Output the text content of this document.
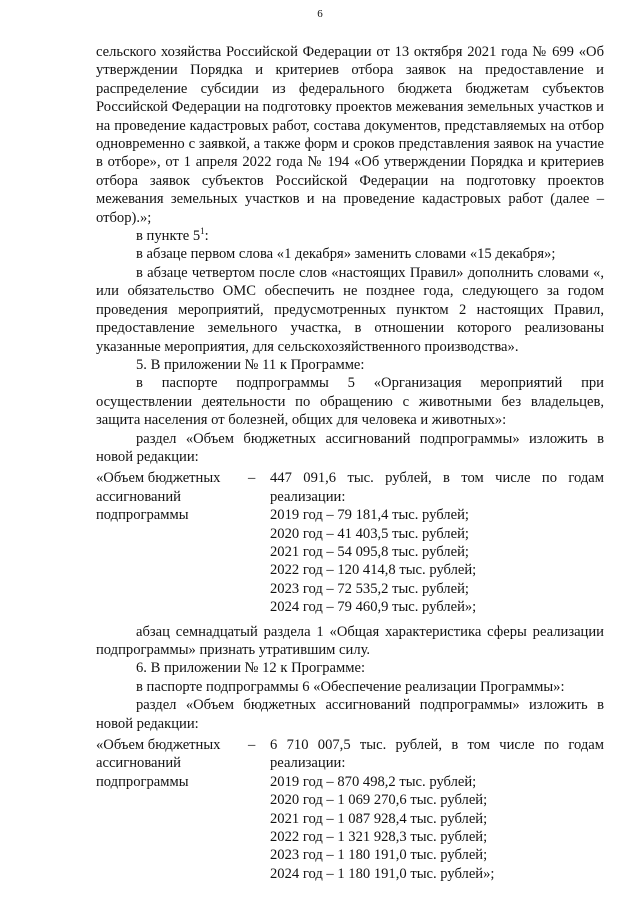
6

сельского хозяйства Российской Федерации от 13 октября 2021 года № 699 «Об утверждении Порядка и критериев отбора заявок на предоставление и распределение субсидии из федерального бюджета бюджетам субъектов Российской Федерации на подготовку проектов межевания земельных участков и на проведение кадастровых работ, состава документов, представляемых на отбор одновременно с заявкой, а также форм и сроков представления заявок на участие в отборе», от 1 апреля 2022 года № 194 «Об утверждении Порядка и критериев отбора заявок субъектов Российской Федерации на подготовку проектов межевания земельных участков и на проведение кадастровых работ (далее – отбор).»;

в пункте $5^1$:

в абзаце первом слова «1 декабря» заменить словами «15 декабря»;

в абзаце четвертом после слов «настоящих Правил» дополнить словами «, или обязательство ОМС обеспечить не позднее года, следующего за годом проведения мероприятий, предусмотренных пунктом 2 настоящих Правил, предоставление земельного участка, в отношении которого реализованы указанные мероприятия, для сельскохозяйственного производства».

5. В приложении № 11 к Программе:

в паспорте подпрограммы 5 «Организация мероприятий при осуществлении деятельности по обращению с животными без владельцев, защита населения от болезней, общих для человека и животных»:

раздел «Объем бюджетных ассигнований подпрограммы» изложить в новой редакции:

«Объем бюджетных ассигнований подпрограммы
–	447 091,6 тыс. рублей, в том числе по годам реализации:
2019 год – 79 181,4 тыс. рублей;
2020 год – 41 403,5 тыс. рублей;
2021 год – 54 095,8 тыс. рублей;
2022 год – 120 414,8 тыс. рублей;
2023 год – 72 535,2 тыс. рублей;
2024 год – 79 460,9 тыс. рублей»;

абзац семнадцатый раздела 1 «Общая характеристика сферы реализации подпрограммы» признать утратившим силу.

6. В приложении № 12 к Программе:

в паспорте подпрограммы 6 «Обеспечение реализации Программы»:

раздел «Объем бюджетных ассигнований подпрограммы» изложить в новой редакции:

«Объем бюджетных ассигнований подпрограммы
–	6 710 007,5 тыс. рублей, в том числе по годам реализации:
2019 год – 870 498,2 тыс. рублей;
2020 год – 1 069 270,6 тыс. рублей;
2021 год – 1 087 928,4 тыс. рублей;
2022 год – 1 321 928,3 тыс. рублей;
2023 год – 1 180 191,0 тыс. рублей;
2024 год – 1 180 191,0 тыс. рублей»;
